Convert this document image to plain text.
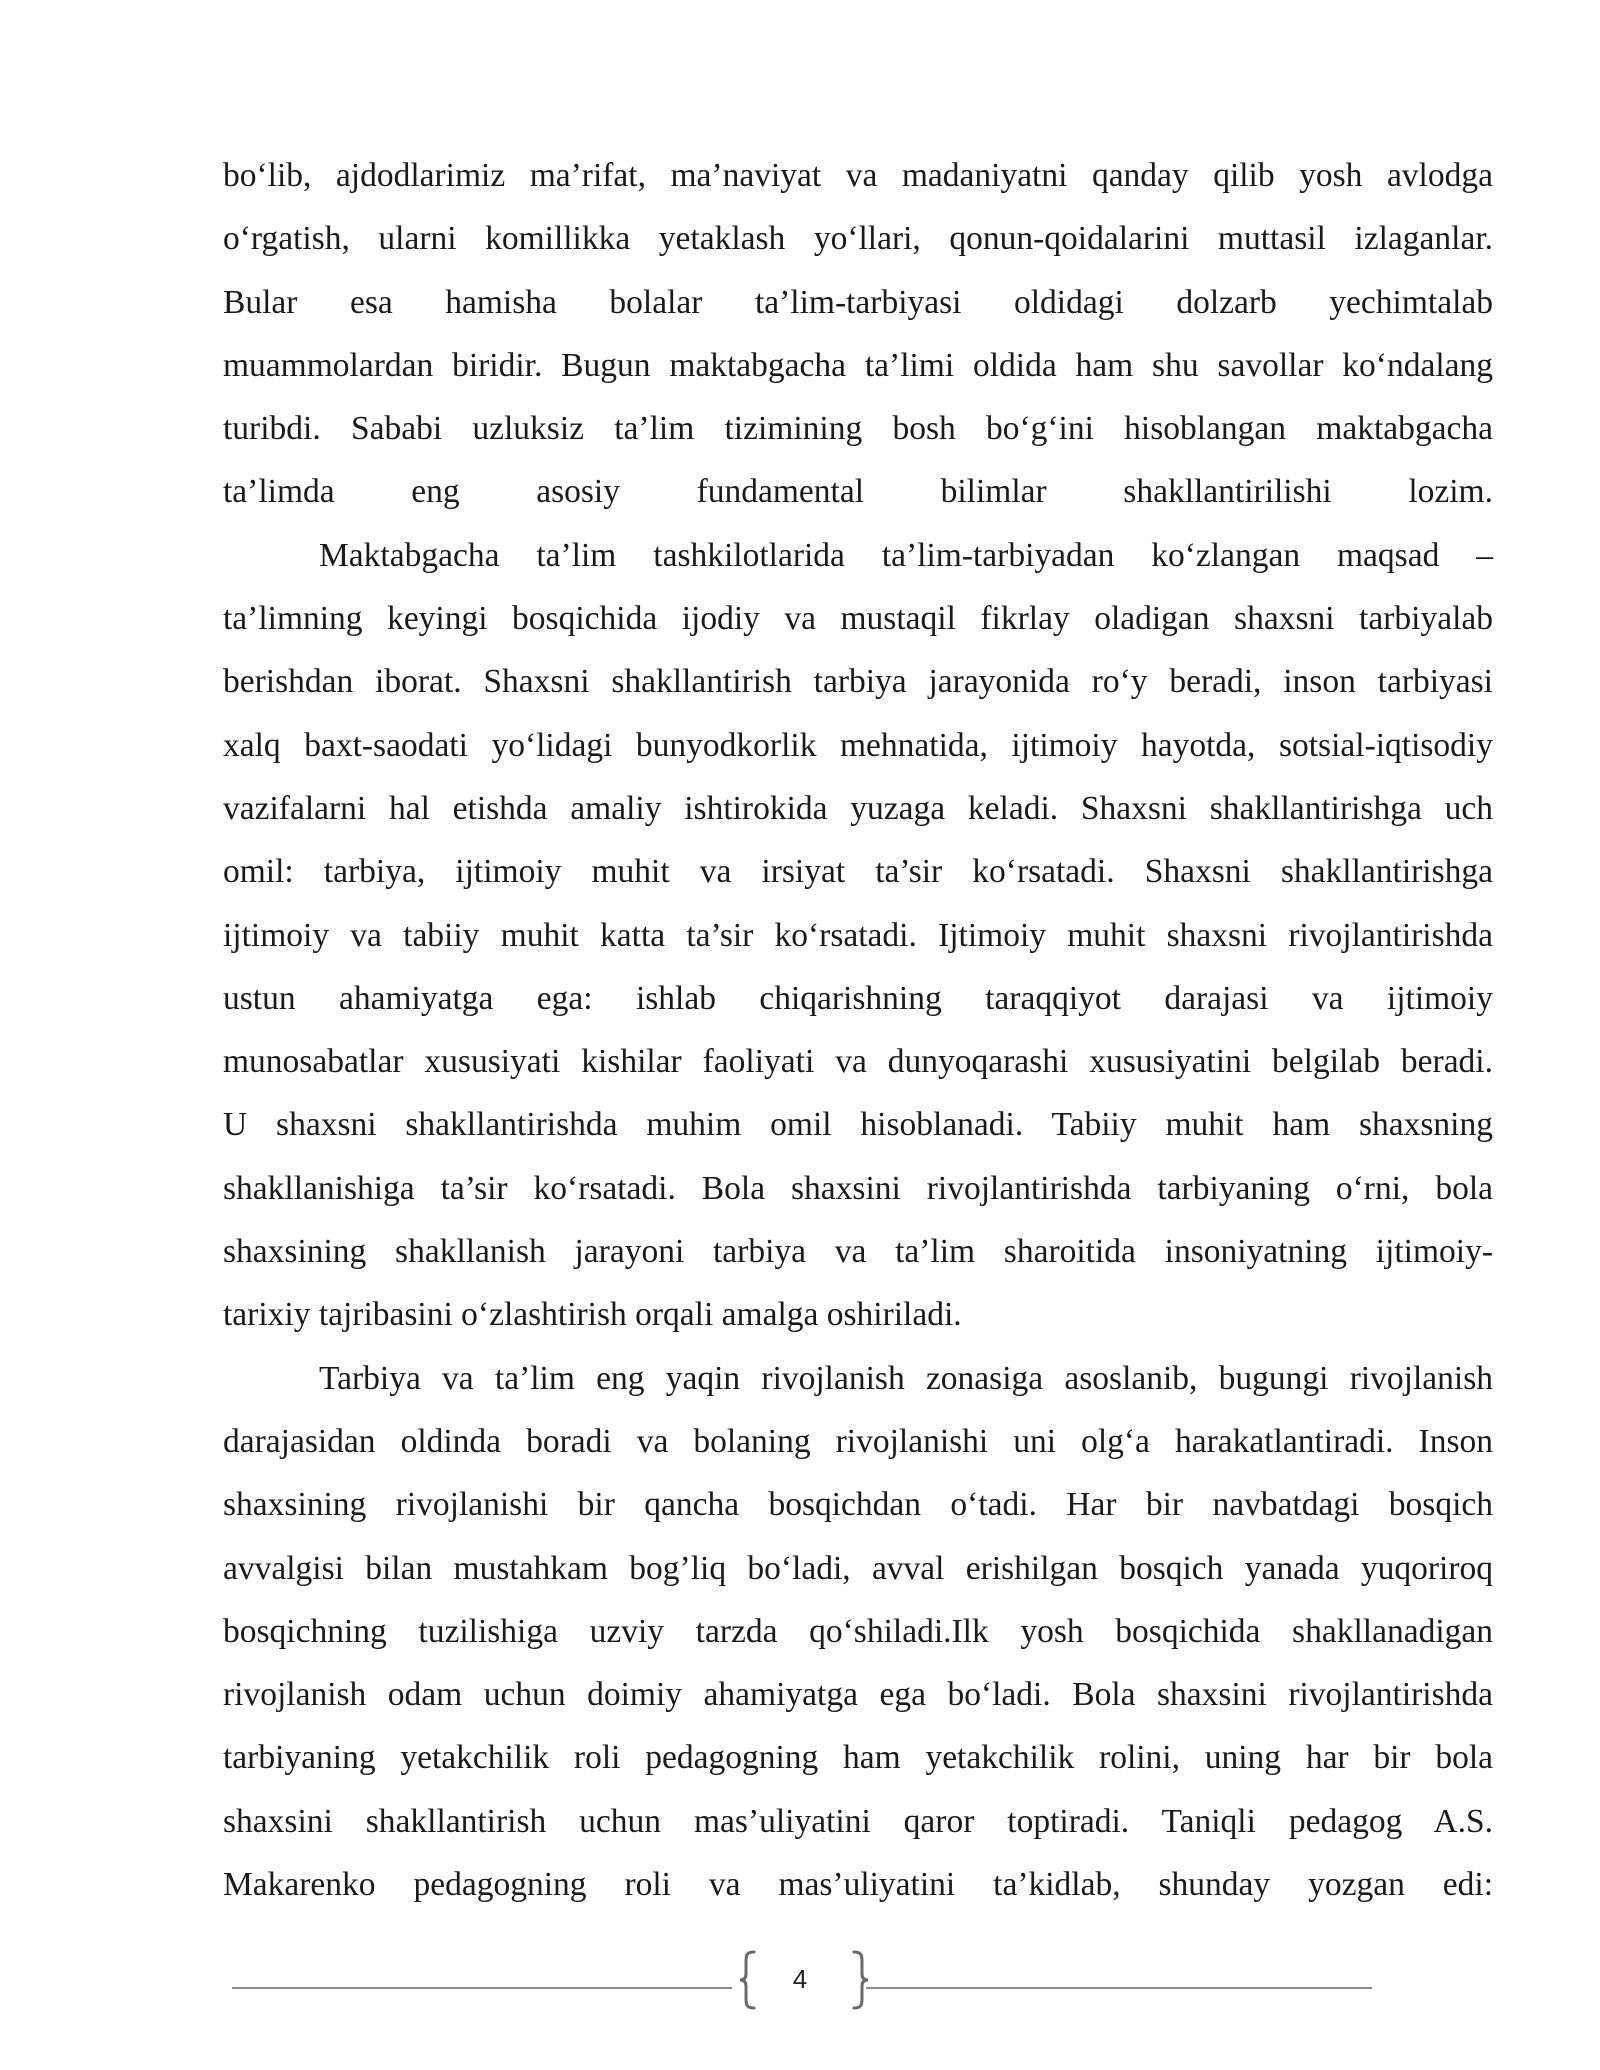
bo‘lib, ajdodlarimiz ma’rifat, ma’naviyat va madaniyatni qanday qilib yosh avlodga
o‘rgatish, ularni komillikka yetaklash yo‘llari, qonun-qoidalarini muttasil izlaganlar.
Bular esa hamisha bolalar ta’lim-tarbiyasi oldidagi dolzarb yechimtalab
muammolardan biridir. Bugun maktabgacha ta’limi oldida ham shu savollar ko‘ndalang
turibdi. Sababi uzluksiz ta’lim tizimining bosh bo‘g‘ini hisoblangan maktabgacha
ta’limda eng asosiy fundamental bilimlar shakllantirilishi lozim.

Maktabgacha ta’lim tashkilotlarida ta’lim-tarbiyadan ko‘zlangan maqsad –
ta’limning keyingi bosqichida ijodiy va mustaqil fikrlay oladigan shaxsni tarbiyalab
berishdan iborat. Shaxsni shakllantirish tarbiya jarayonida ro‘y beradi, inson tarbiyasi
xalq baxt-saodati yo‘lidagi bunyodkorlik mehnatida, ijtimoiy hayotda, sotsial-iqtisodiy
vazifalarni hal etishda amaliy ishtirokida yuzaga keladi. Shaxsni shakllantirishga uch
omil: tarbiya, ijtimoiy muhit va irsiyat ta’sir ko‘rsatadi. Shaxsni shakllantirishga
ijtimoiy va tabiiy muhit katta ta’sir ko‘rsatadi. Ijtimoiy muhit shaxsni rivojlantirishda
ustun ahamiyatga ega: ishlab chiqarishning taraqqiyot darajasi va ijtimoiy
munosabatlar xususiyati kishilar faoliyati va dunyoqarashi xususiyatini belgilab beradi.
U shaxsni shakllantirishda muhim omil hisoblanadi. Tabiiy muhit ham shaxsning
shakllanishiga ta’sir ko‘rsatadi. Bola shaxsini rivojlantirishda tarbiyaning o‘rni, bola
shaxsining shakllanish jarayoni tarbiya va ta’lim sharoitida insoniyatning ijtimoiy-
tarixiy tajribasini o‘zlashtirish orqali amalga oshiriladi.

Tarbiya va ta’lim eng yaqin rivojlanish zonasiga asoslanib, bugungi rivojlanish
darajasidan oldinda boradi va bolaning rivojlanishi uni olg‘a harakatlantiradi. Inson
shaxsining rivojlanishi bir qancha bosqichdan o‘tadi. Har bir navbatdagi bosqich
avvalgisi bilan mustahkam bog’liq bo‘ladi, avval erishilgan bosqich yanada yuqoriroq
bosqichning tuzilishiga uzviy tarzda qo‘shiladi.Ilk yosh bosqichida shakllanadigan
rivojlanish odam uchun doimiy ahamiyatga ega bo‘ladi. Bola shaxsini rivojlantirishda
tarbiyaning yetakchilik roli pedagogning ham yetakchilik rolini, uning har bir bola
shaxsini shakllantirish uchun mas’uliyatini qaror toptiradi. Taniqli pedagog A.S.
Makarenko pedagogning roli va mas’uliyatini ta’kidlab, shunday yozgan edi:

4
